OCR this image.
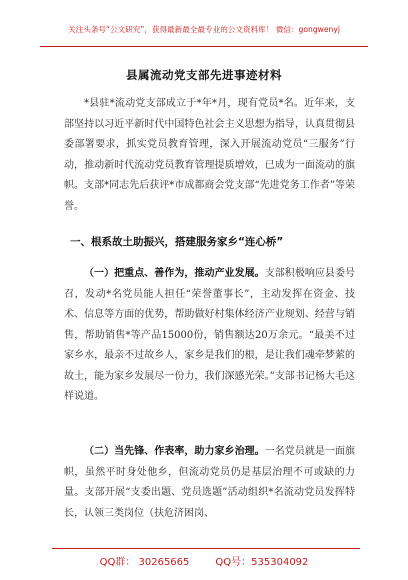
关注头条号“公文研究”，获得最新最全最专业的公文资料库！ 微信：gongwenyj
县属流动党支部先进事迹材料

*县驻*流动党支部成立于*年*月，现有党员*名。近年来，支部坚持以习近平新时代中国特色社会主义思想为指导，认真贯彻县委部署要求，抓实党员教育管理，深入开展流动党员“三服务”行动，推动新时代流动党员教育管理提质增效，已成为一面流动的旗帜。支部*同志先后获评*市成都商会党支部“先进党务工作者”等荣誉。

一、根系故土助振兴，搭建服务家乡“连心桥”

（一）把重点、善作为，推动产业发展。支部积极响应县委号召，发动*名党员能人担任“荣誉董事长”，主动发挥在资金、技术、信息等方面的优势，帮助做好村集体经济产业规划、经营与销售，帮助销售*等产品15000份，销售额达20万余元。“最美不过家乡水，最亲不过故乡人，家乡是我们的根，是让我们魂牵梦萦的故土，能为家乡发展尽一份力，我们深感光荣。”支部书记杨大毛这样说道。

（二）当先锋、作表率，助力家乡治理。一名党员就是一面旗帜，虽然平时身处他乡，但流动党员仍是基层治理不可或缺的力量。支部开展“支委出题、党员选题”活动组织*名流动党员发挥特长，认领三类岗位（扶危济困岗、

QQ群： 30265665	QQ号：535304092
